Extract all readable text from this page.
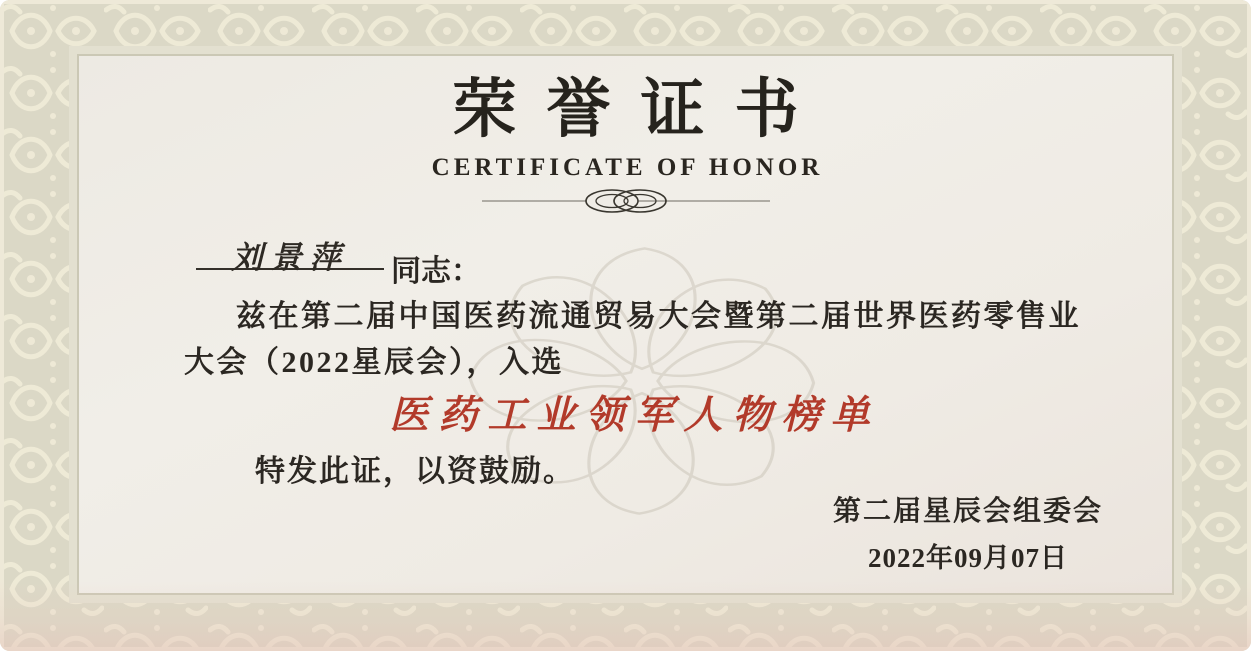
荣誉证书
CERTIFICATE OF HONOR
刘景萍	同志：
兹在第二届中国医药流通贸易大会暨第二届世界医药零售业
大会（2022星辰会），入选
医药工业领军人物榜单
特发此证，以资鼓励。
第二届星辰会组委会
2022年09月07日
